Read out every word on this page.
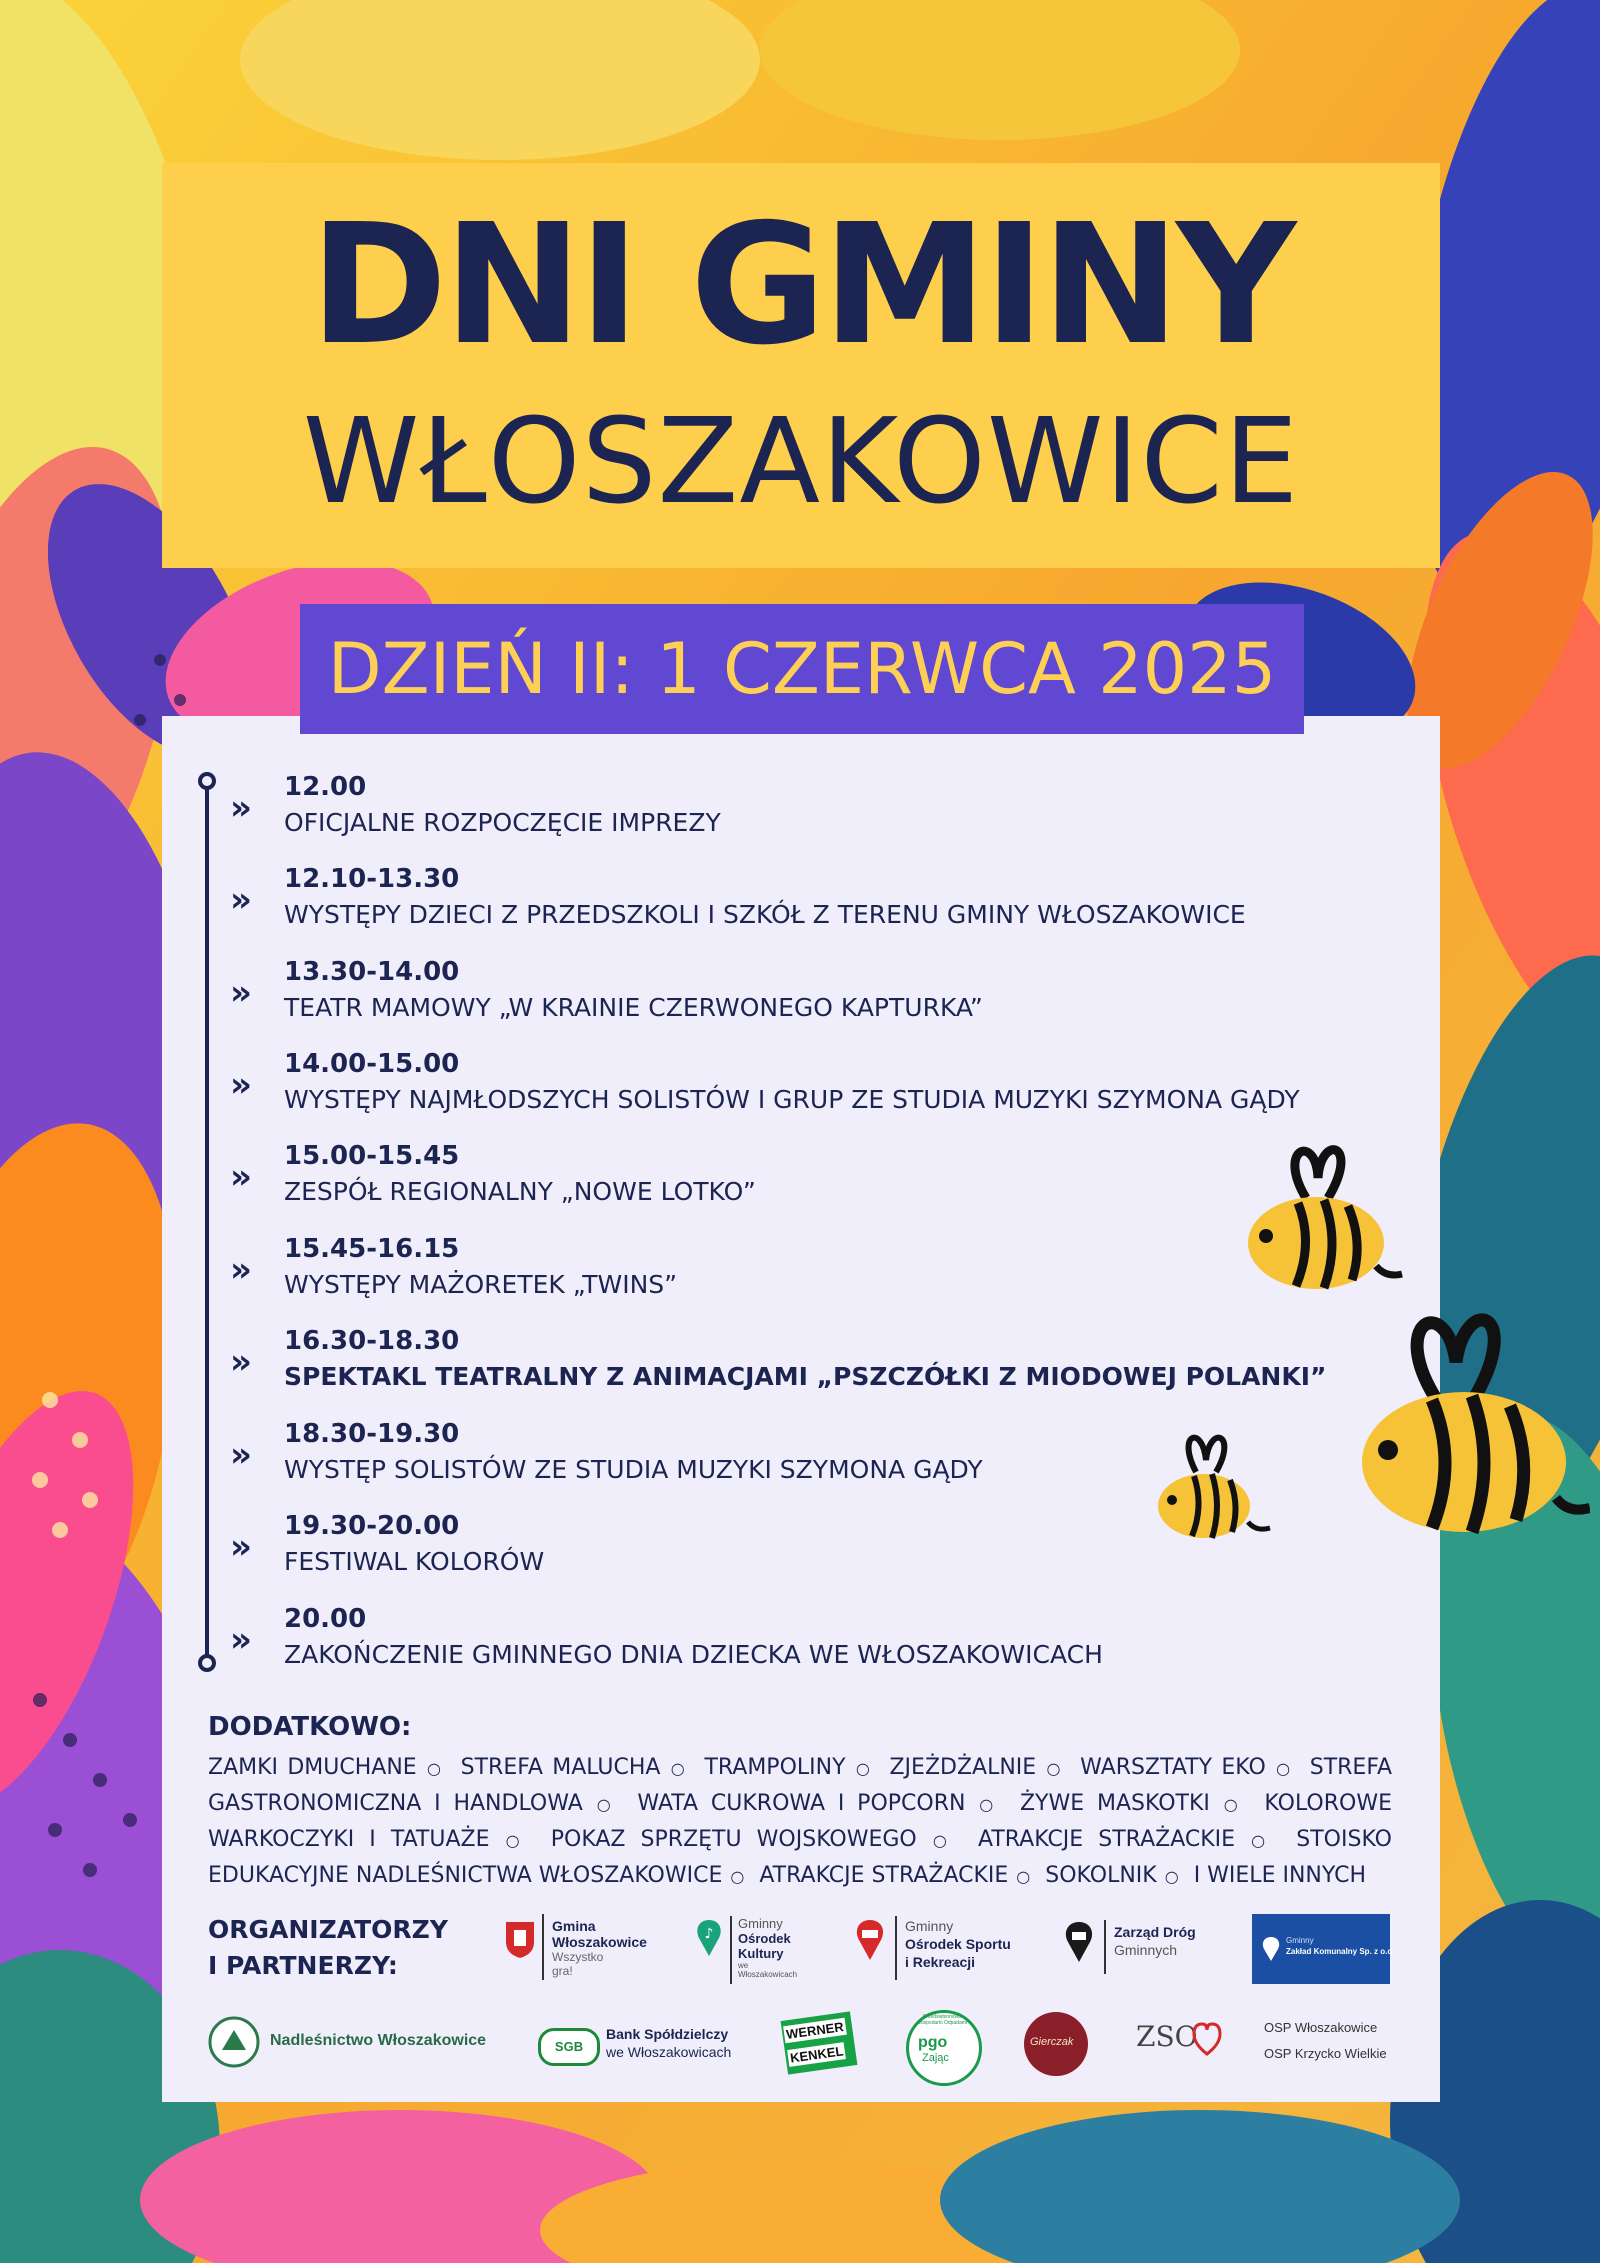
DNI GMINY
WŁOSZAKOWICE
DZIEŃ II: 1 CZERWCA 2025
»
12.00
OFICJALNE ROZPOCZĘCIE IMPREZY
»
12.10-13.30
WYSTĘPY DZIECI Z PRZEDSZKOLI I SZKÓŁ Z TERENU GMINY WŁOSZAKOWICE
»
13.30-14.00
TEATR MAMOWY „W KRAINIE CZERWONEGO KAPTURKA”
»
14.00-15.00
WYSTĘPY NAJMŁODSZYCH SOLISTÓW I GRUP ZE STUDIA MUZYKI SZYMONA GĄDY
»
15.00-15.45
ZESPÓŁ REGIONALNY „NOWE LOTKO”
»
15.45-16.15
WYSTĘPY MAŻORETEK „TWINS”
»
16.30-18.30
SPEKTAKL TEATRALNY Z ANIMACJAMI „PSZCZÓŁKI Z MIODOWEJ POLANKI”
»
18.30-19.30
WYSTĘP SOLISTÓW ZE STUDIA MUZYKI SZYMONA GĄDY
»
19.30-20.00
FESTIWAL KOLORÓW
»
20.00
ZAKOŃCZENIE GMINNEGO DNIA DZIECKA WE WŁOSZAKOWICACH
DODATKOWO:
ZAMKI DMUCHANE ○ STREFA MALUCHA ○ TRAMPOLINY ○ ZJEŻDŻALNIE ○ WARSZTATY EKO ○ STREFA GASTRONOMICZNA I HANDLOWA ○ WATA CUKROWA I POPCORN ○ ŻYWE MASKOTKI ○ KOLOROWE WARKOCZYKI I TATUAŻE ○ POKAZ SPRZĘTU WOJSKOWEGO ○ ATRAKCJE STRAŻACKIE ○ STOISKO EDUKACYJNE NADLEŚNICTWA WŁOSZAKOWICE ○ ATRAKCJE STRAŻACKIE ○ SOKOLNIK ○ I WIELE INNYCH
ORGANIZATORZY
I PARTNERZY:
Gmina
Włoszakowice
Wszystko
gra!
♪
Gminny
Ośrodek
Kultury
we
Włoszakowicach
Gminny
Ośrodek Sportu
i Rekreacji
Zarząd Dróg
Gminnych
Gminny
Zakład Komunalny Sp. z o.o.
Nadleśnictwo Włoszakowice	SGB
Bank Spółdzielczy
we Włoszakowicach
WERNER
KENKEL
Przedsiębiorstwo Gospodarki Odpadami
pgo
Zając
Gierczak ZSO	OSP Włoszakowice
OSP Krzycko Wielkie
